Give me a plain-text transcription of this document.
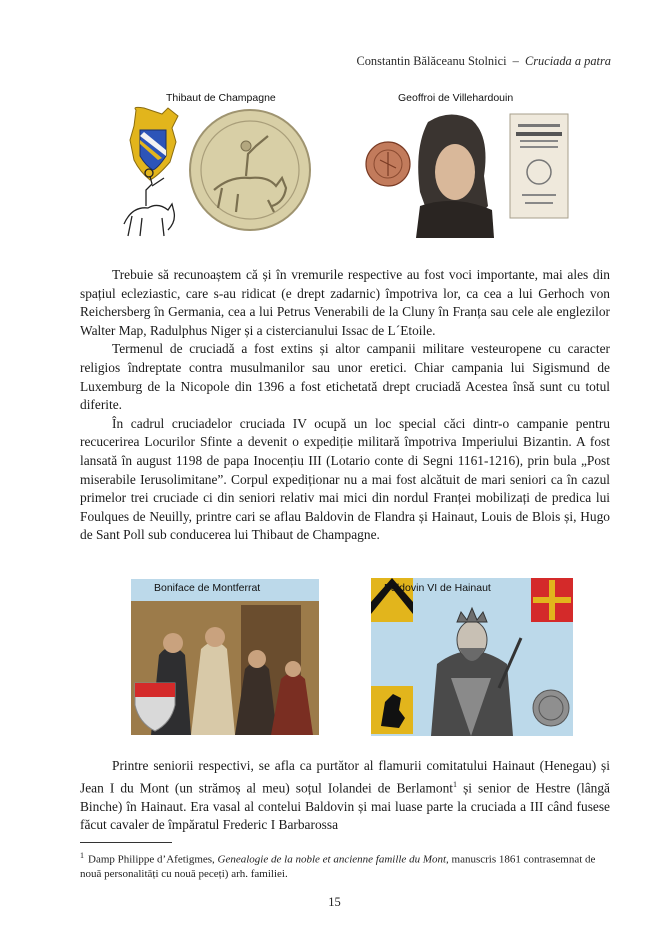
Constantin Bălăceanu Stolnici – Cruciada a patra
Thibaut de Champagne	Geoffroi de Villehardouin

Trebuie să recunoaștem că și în vremurile respective au fost voci importante, mai ales din spațiul ecleziastic, care s-au ridicat (e drept zadarnic) împotriva lor, ca cea a lui Gerhoch von Reichersberg în Germania, cea a lui Petrus Venerabili de la Cluny în Franța sau cele ale englezilor Walter Map, Radulphus Niger și a cistercianului Issac de L´Etoile.

Termenul de cruciadă a fost extins și altor campanii militare vesteuropene cu caracter religios îndreptate contra musulmanilor sau unor eretici. Chiar campania lui Sigismund de Luxemburg de la Nicopole din 1396 a fost etichetată drept cruciadă Acestea însă sunt cu totul diferite.

În cadrul cruciadelor cruciada IV ocupă un loc special căci dintr-o campanie pentru recucerirea Locurilor Sfinte a devenit o expediție militară împotriva Imperiului Bizantin. A fost lansată în august 1198 de papa Inocențiu III (Lotario conte di Segni 1161-1216), prin bula „Post miserabile Ierusolimitane”. Corpul expediționar nu a mai fost alcătuit de mari seniori ca în cazul primelor trei cruciade ci din seniori relativ mai mici din nordul Franței mobilizați de predica lui Foulques de Neuilly, printre cari se aflau Baldovin de Flandra și Hainaut, Louis de Blois și, Hugo de Sant Poll sub conducerea lui Thibaut de Champagne.

Boniface de Montferrat	Baldovin VI de Hainaut

Printre seniorii respectivi, se afla ca purtător al flamurii comitatului Hainaut (Henegau) și Jean I du Mont (un strămoș al meu) soțul Iolandei de Berlamont$^1$ și senior de Hestre (lângă Binche) în Hainaut. Era vasal al contelui Baldovin și mai luase parte la cruciada a III când fusese făcut cavaler de împăratul Frederic I Barbarossa

$^1$ Damp Philippe d’Afetigmes, Genealogie de la noble et ancienne famille du Mont, manuscris 1861 contrasemnat de nouă personalități cu nouă peceți) arh. familiei.
15
